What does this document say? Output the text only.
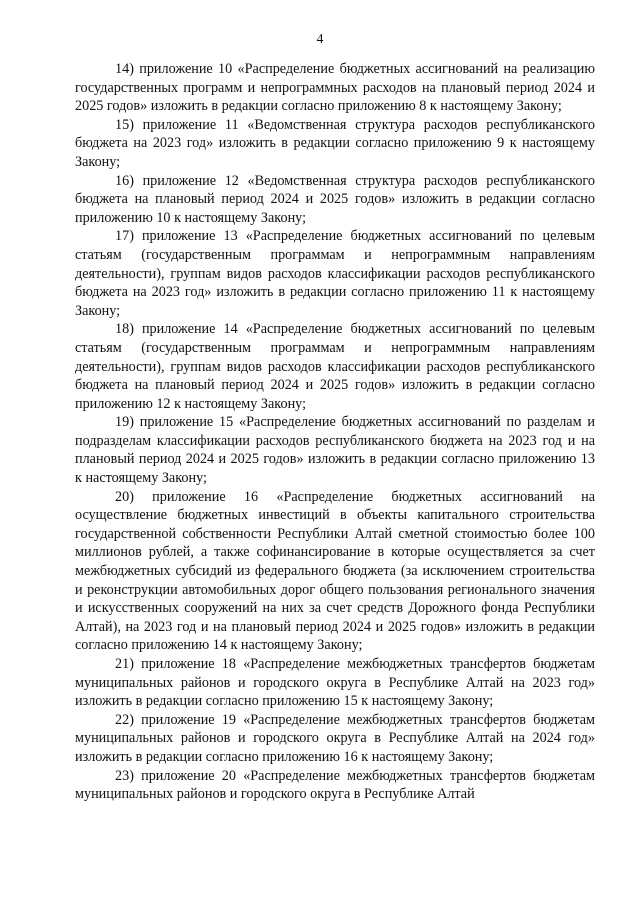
4

14) приложение 10 «Распределение бюджетных ассигнований на реализацию государственных программ и непрограммных расходов на плановый период 2024 и 2025 годов» изложить в редакции согласно приложению 8 к настоящему Закону;

15) приложение 11 «Ведомственная структура расходов республиканского бюджета на 2023 год» изложить в редакции согласно приложению 9 к настоящему Закону;

16) приложение 12 «Ведомственная структура расходов республиканского бюджета на плановый период 2024 и 2025 годов» изложить в редакции согласно приложению 10 к настоящему Закону;

17) приложение 13 «Распределение бюджетных ассигнований по целевым статьям (государственным программам и непрограммным направлениям деятельности), группам видов расходов классификации расходов республиканского бюджета на 2023 год» изложить в редакции согласно приложению 11 к настоящему Закону;

18) приложение 14 «Распределение бюджетных ассигнований по целевым статьям (государственным программам и непрограммным направлениям деятельности), группам видов расходов классификации расходов республиканского бюджета на плановый период 2024 и 2025 годов» изложить в редакции согласно приложению 12 к настоящему Закону;

19) приложение 15 «Распределение бюджетных ассигнований по разделам и подразделам классификации расходов республиканского бюджета на 2023 год и на плановый период 2024 и 2025 годов» изложить в редакции согласно приложению 13 к настоящему Закону;

20) приложение 16 «Распределение бюджетных ассигнований на осуществление бюджетных инвестиций в объекты капитального строительства государственной собственности Республики Алтай сметной стоимостью более 100 миллионов рублей, а также софинансирование в которые осуществляется за счет межбюджетных субсидий из федерального бюджета (за исключением строительства и реконструкции автомобильных дорог общего пользования регионального значения и искусственных сооружений на них за счет средств Дорожного фонда Республики Алтай), на 2023 год и на плановый период 2024 и 2025 годов» изложить в редакции согласно приложению 14 к настоящему Закону;

21) приложение 18 «Распределение межбюджетных трансфертов бюджетам муниципальных районов и городского округа в Республике Алтай на 2023 год» изложить в редакции согласно приложению 15 к настоящему Закону;

22) приложение 19 «Распределение межбюджетных трансфертов бюджетам муниципальных районов и городского округа в Республике Алтай на 2024 год» изложить в редакции согласно приложению 16 к настоящему Закону;

23) приложение 20 «Распределение межбюджетных трансфертов бюджетам муниципальных районов и городского округа в Республике Алтай
